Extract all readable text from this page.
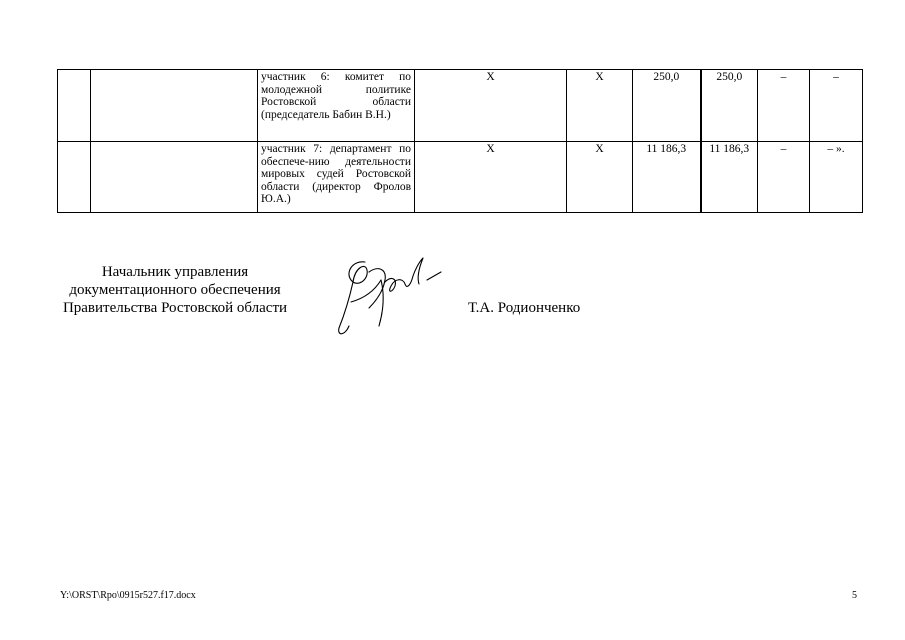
		участник 6: комитет по молодежной политике Ростовской области (председатель Бабин В.Н.)	Х	Х	250,0	250,0	–	–
		участник 7: департамент по обеспече-нию деятельности мировых судей Ростовской области (директор Фролов Ю.А.)	Х	Х	11 186,3	11 186,3	–	– ».
Начальник управления
документационного обеспечения
Правительства Ростовской области	Т.А. Родионченко
Y:\ORST\Rpo\0915r527.f17.docx	5
